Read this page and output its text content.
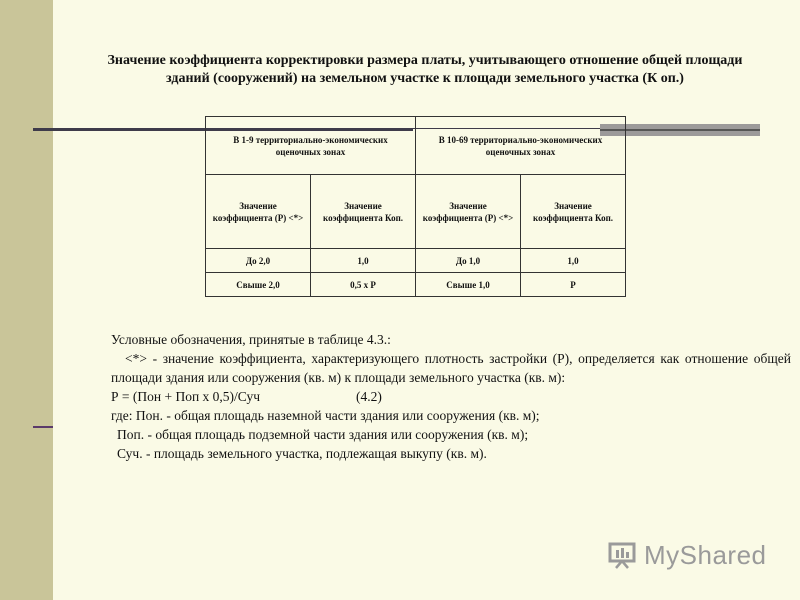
Значение коэффициента корректировки размера платы, учитывающего отношение общей площади зданий (сооружений) на земельном участке к площади земельного участка (К оп.)
В 1-9 территориально-экономических оценочных зонах		В 10-69 территориально-экономических оценочных зонах	
Значение коэффициента (Р) <*>	Значение коэффициента Коп.	Значение коэффициента (Р) <*>	Значение коэффициента Коп.
До 2,0	1,0	До 1,0	1,0
Свыше 2,0	0,5 х Р	Свыше 1,0	Р

Условные обозначения, принятые в таблице 4.3.:

<*> - значение коэффициента, характеризующего плотность застройки (Р), определяется как отношение общей площади здания или сооружения (кв. м) к площади земельного участка (кв. м):

Р = (Пон + Поп х 0,5)/Суч	(4.2)

где: Пон. - общая площадь наземной части здания или сооружения (кв. м);

Поп. - общая площадь подземной части здания или сооружения (кв. м);

Суч. - площадь земельного участка, подлежащая выкупу (кв. м).

MyShared
